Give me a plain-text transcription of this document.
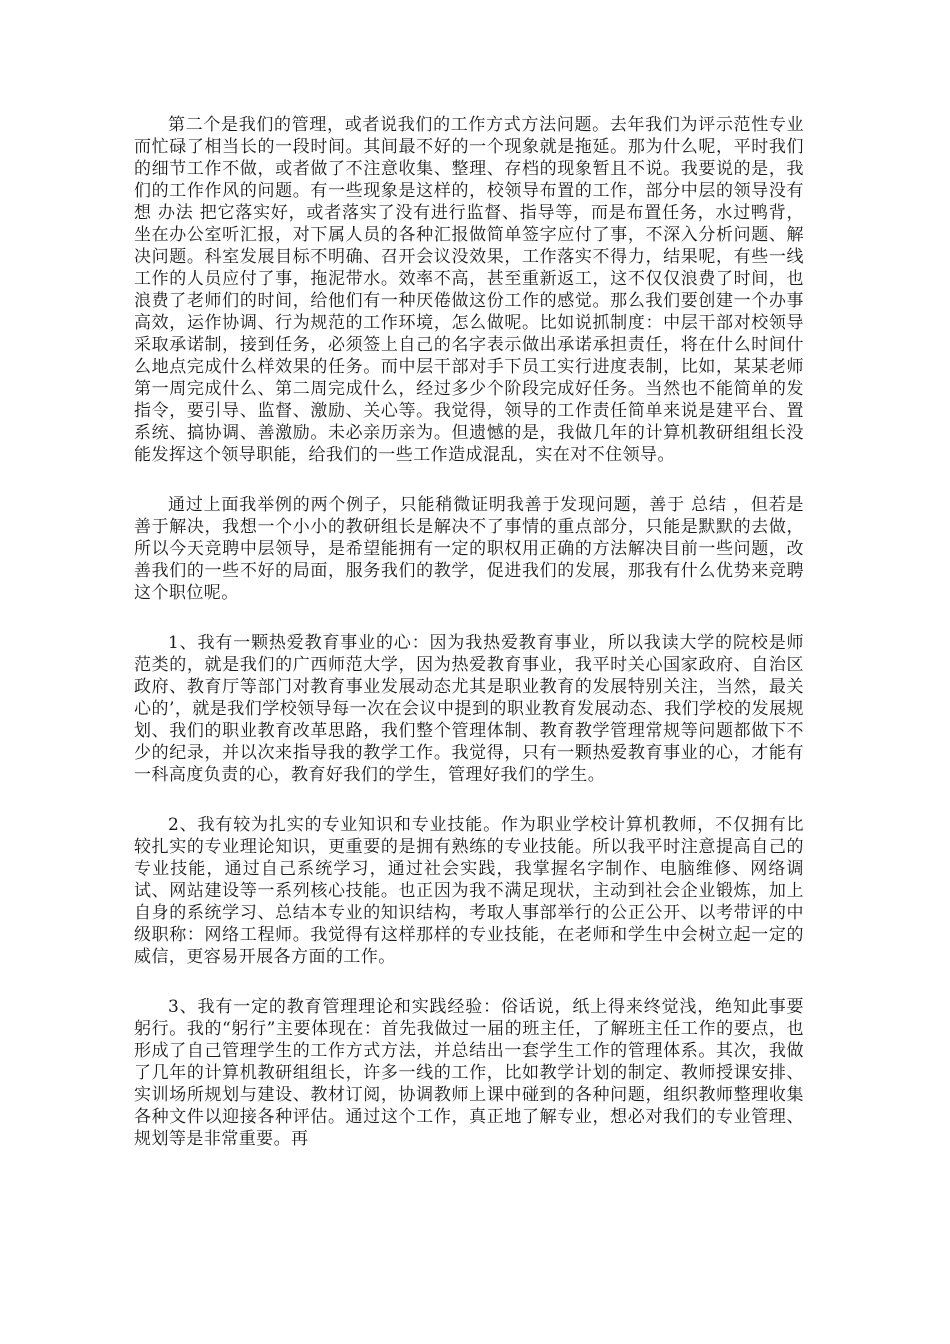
第二个是我们的管理，或者说我们的工作方式方法问题。去年我们为评示范性专业而忙碌了相当长的一段时间。其间最不好的一个现象就是拖延。那为什么呢，平时我们的细节工作不做，或者做了不注意收集、整理、存档的现象暂且不说。我要说的是，我们的工作作风的问题。有一些现象是这样的，校领导布置的工作，部分中层的领导没有想 办法 把它落实好，或者落实了没有进行监督、指导等，而是布置任务，水过鸭背，坐在办公室听汇报，对下属人员的各种汇报做简单签字应付了事，不深入分析问题、解决问题。科室发展目标不明确、召开会议没效果，工作落实不得力，结果呢，有些一线工作的人员应付了事，拖泥带水。效率不高，甚至重新返工，这不仅仅浪费了时间，也浪费了老师们的时间，给他们有一种厌倦做这份工作的感觉。那么我们要创建一个办事高效，运作协调、行为规范的工作环境，怎么做呢。比如说抓制度：中层干部对校领导采取承诺制，接到任务，必须签上自己的名字表示做出承诺承担责任，将在什么时间什么地点完成什么样效果的任务。而中层干部对手下员工实行进度表制，比如，某某老师第一周完成什么、第二周完成什么，经过多少个阶段完成好任务。当然也不能简单的发指令，要引导、监督、激励、关心等。我觉得，领导的工作责任简单来说是建平台、置系统、搞协调、善激励。未必亲历亲为。但遗憾的是，我做几年的计算机教研组组长没能发挥这个领导职能，给我们的一些工作造成混乱，实在对不住领导。

通过上面我举例的两个例子，只能稍微证明我善于发现问题，善于 总结 ，但若是善于解决，我想一个小小的教研组长是解决不了事情的重点部分，只能是默默的去做，所以今天竞聘中层领导，是希望能拥有一定的职权用正确的方法解决目前一些问题，改善我们的一些不好的局面，服务我们的教学，促进我们的发展，那我有什么优势来竞聘这个职位呢。

1、我有一颗热爱教育事业的心：因为我热爱教育事业，所以我读大学的院校是师范类的，就是我们的广西师范大学，因为热爱教育事业，我平时关心国家政府、自治区政府、教育厅等部门对教育事业发展动态尤其是职业教育的发展特别关注，当然，最关心的’，就是我们学校领导每一次在会议中提到的职业教育发展动态、我们学校的发展规划、我们的职业教育改革思路，我们整个管理体制、教育教学管理常规等问题都做下不少的纪录，并以次来指导我的教学工作。我觉得，只有一颗热爱教育事业的心，才能有一科高度负责的心，教育好我们的学生，管理好我们的学生。

2、我有较为扎实的专业知识和专业技能。作为职业学校计算机教师，不仅拥有比较扎实的专业理论知识，更重要的是拥有熟练的专业技能。所以我平时注意提高自己的专业技能，通过自己系统学习，通过社会实践，我掌握名字制作、电脑维修、网络调试、网站建设等一系列核心技能。也正因为我不满足现状，主动到社会企业锻炼，加上自身的系统学习、总结本专业的知识结构，考取人事部举行的公正公开、以考带评的中级职称：网络工程师。我觉得有这样那样的专业技能，在老师和学生中会树立起一定的威信，更容易开展各方面的工作。

3、我有一定的教育管理理论和实践经验：俗话说，纸上得来终觉浅，绝知此事要躬行。我的“躬行”主要体现在：首先我做过一届的班主任，了解班主任工作的要点，也形成了自己管理学生的工作方式方法，并总结出一套学生工作的管理体系。其次，我做了几年的计算机教研组组长，许多一线的工作，比如教学计划的制定、教师授课安排、实训场所规划与建设、教材订阅，协调教师上课中碰到的各种问题，组织教师整理收集各种文件以迎接各种评估。通过这个工作，真正地了解专业，想必对我们的专业管理、规划等是非常重要。再
